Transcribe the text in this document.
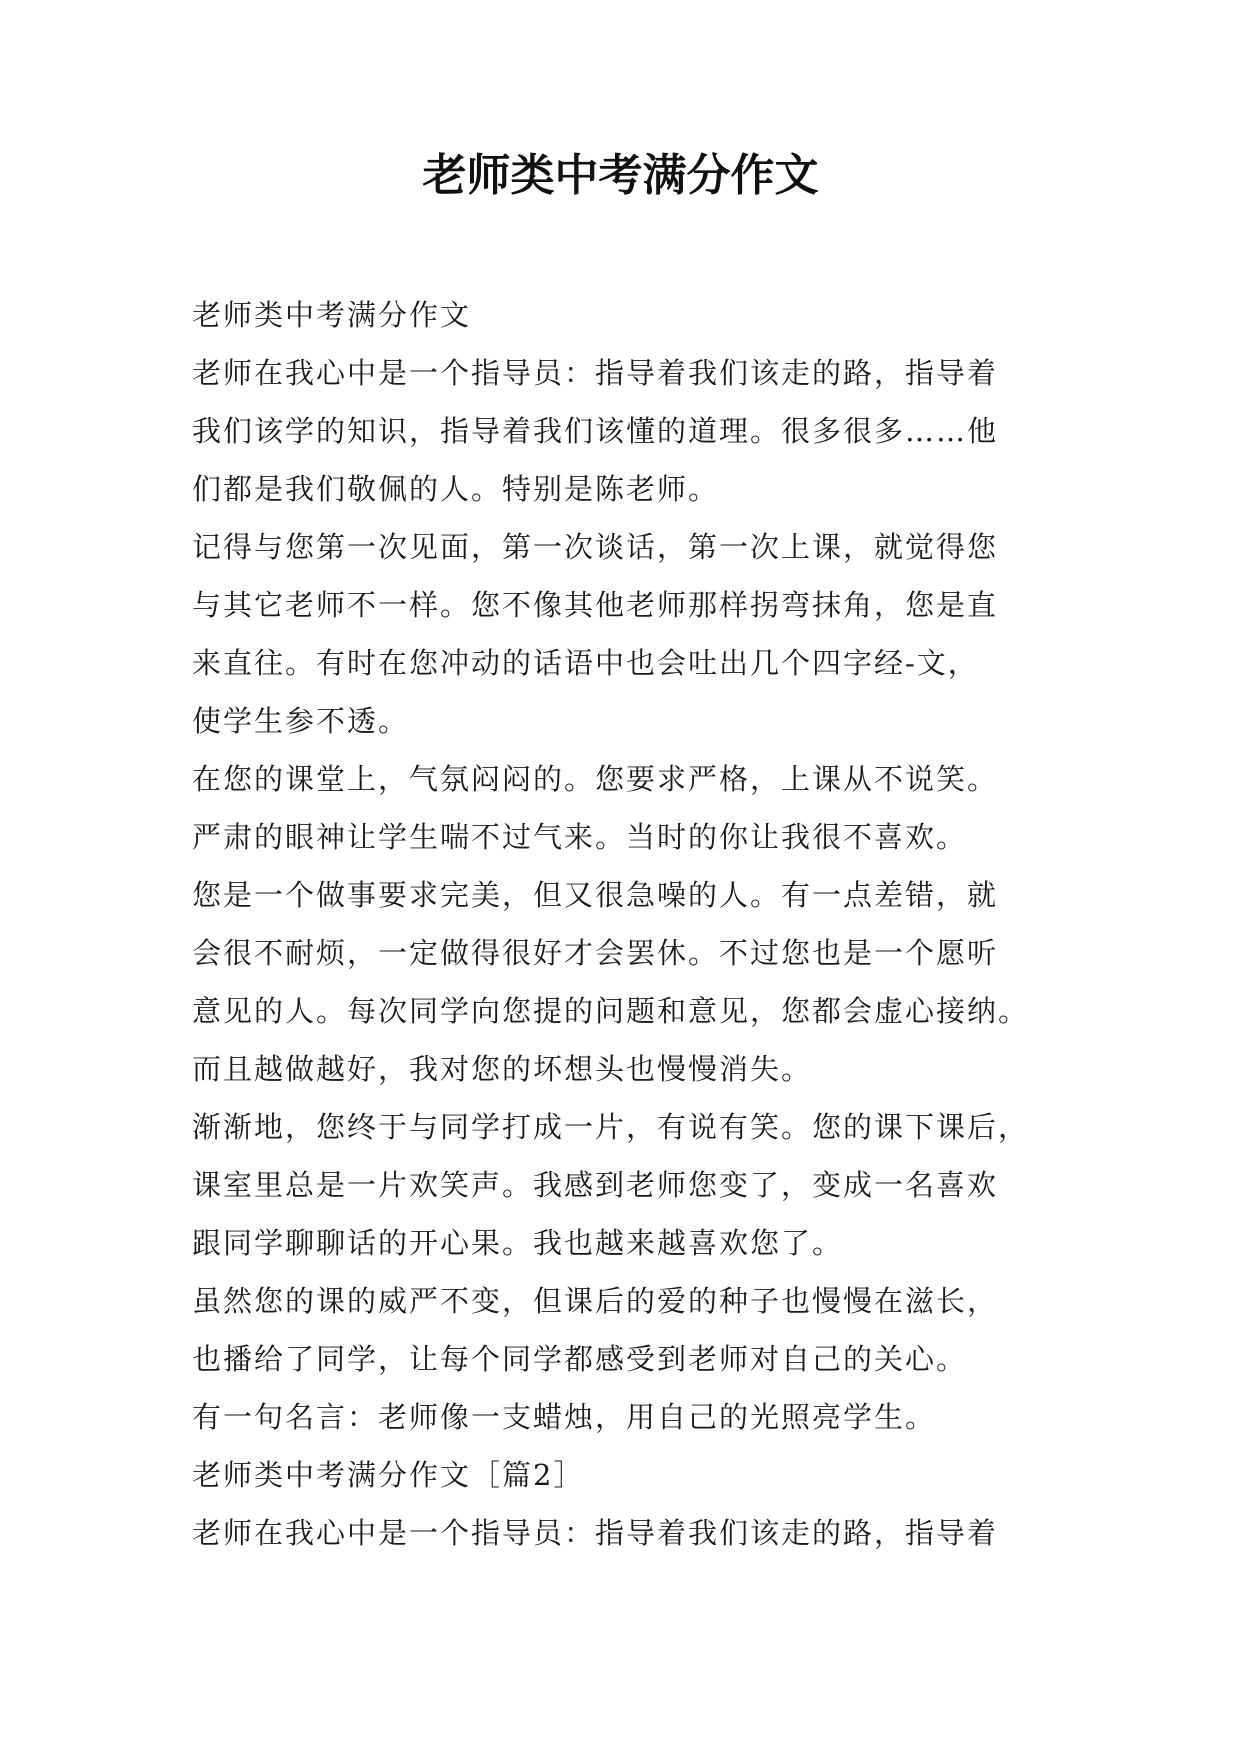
老师类中考满分作文
老师类中考满分作文
老师在我心中是一个指导员：指导着我们该走的路，指导着
我们该学的知识，指导着我们该懂的道理。很多很多……他
们都是我们敬佩的人。特别是陈老师。
记得与您第一次见面，第一次谈话，第一次上课，就觉得您
与其它老师不一样。您不像其他老师那样拐弯抹角，您是直
来直往。有时在您冲动的话语中也会吐出几个四字经-文，
使学生参不透。
在您的课堂上，气氛闷闷的。您要求严格，上课从不说笑。
严肃的眼神让学生喘不过气来。当时的你让我很不喜欢。
您是一个做事要求完美，但又很急噪的人。有一点差错，就
会很不耐烦，一定做得很好才会罢休。不过您也是一个愿听
意见的人。每次同学向您提的问题和意见，您都会虚心接纳。
而且越做越好，我对您的坏想头也慢慢消失。
渐渐地，您终于与同学打成一片，有说有笑。您的课下课后，
课室里总是一片欢笑声。我感到老师您变了，变成一名喜欢
跟同学聊聊话的开心果。我也越来越喜欢您了。
虽然您的课的威严不变，但课后的爱的种子也慢慢在滋长，
也播给了同学，让每个同学都感受到老师对自己的关心。
有一句名言：老师像一支蜡烛，用自己的光照亮学生。
老师类中考满分作文［篇2］
老师在我心中是一个指导员：指导着我们该走的路，指导着
